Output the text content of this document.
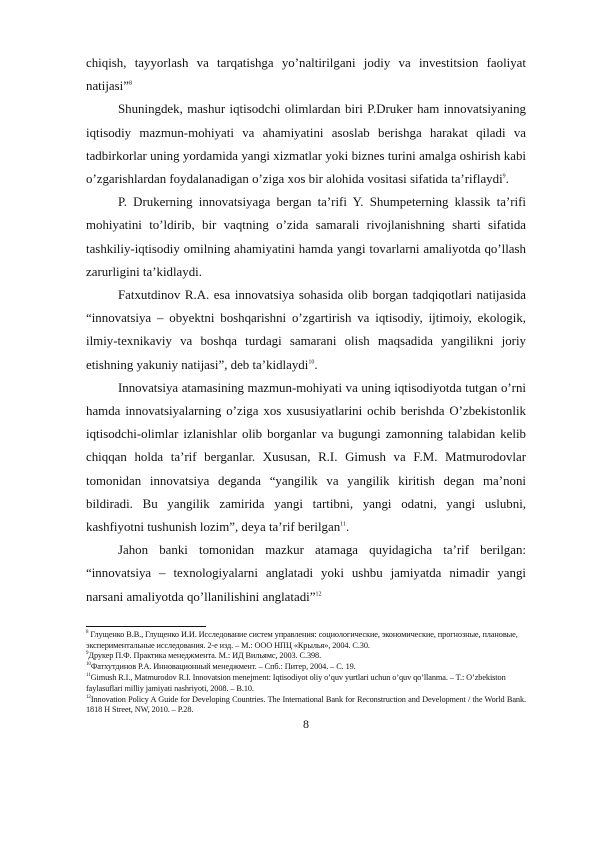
chiqish, tayyorlash va tarqatishga yo’naltirilgani jodiy va investitsion faoliyat natijasi”$^8$

Shuningdek, mashur iqtisodchi olimlardan biri P.Druker ham innovatsiyaning iqtisodiy mazmun-mohiyati va ahamiyatini asoslab berishga harakat qiladi va tadbirkorlar uning yordamida yangi xizmatlar yoki biznes turini amalga oshirish kabi o’zgarishlardan foydalanadigan o’ziga xos bir alohida vositasi sifatida ta’riflaydi$^9$.

P. Drukerning innovatsiyaga bergan ta’rifi Y. Shumpeterning klassik ta’rifi mohiyatini to’ldirib, bir vaqtning o’zida samarali rivojlanishning sharti sifatida tashkiliy-iqtisodiy omilning ahamiyatini hamda yangi tovarlarni amaliyotda qo’llash zarurligini ta’kidlaydi.

Fatxutdinov R.A. esa innovatsiya sohasida olib borgan tadqiqotlari natijasida “innovatsiya – obyektni boshqarishni o’zgartirish va iqtisodiy, ijtimoiy, ekologik, ilmiy-texnikaviy va boshqa turdagi samarani olish maqsadida yangilikni joriy etishning yakuniy natijasi”, deb ta’kidlaydi$^{10}$.

Innovatsiya atamasining mazmun-mohiyati va uning iqtisodiyotda tutgan o’rni hamda innovatsiyalarning o’ziga xos xususiyatlarini ochib berishda O’zbekistonlik iqtisodchi-olimlar izlanishlar olib borganlar va bugungi zamonning talabidan kelib chiqqan holda ta’rif berganlar. Xususan, R.I. Gimush va F.M. Matmurodovlar tomonidan innovatsiya deganda “yangilik va yangilik kiritish degan ma’noni bildiradi. Bu yangilik zamirida yangi tartibni, yangi odatni, yangi uslubni, kashfiyotni tushunish lozim”, deya ta’rif berilgan$^{11}$.

Jahon banki tomonidan mazkur atamaga quyidagicha ta’rif berilgan: “innovatsiya – texnologiyalarni anglatadi yoki ushbu jamiyatda nimadir yangi narsani amaliyotda qo’llanilishini anglatadi”$^{12}$

$^8$ Глущенко В.В., Глущенко И.И. Исследование систем управления: социологические, экономические, прогнозные, плановые, экспериментальные исследования. 2-е изд. – М.: ООО НПЦ «Крылья», 2004. С.30.

$^9$Друкер П.Ф. Практика менеджмента. М.: ИД Вильямс, 2003. С.398.

$^{10}$Фатхутдинов Р.А. Инновационный менеджмент. – Спб.: Питер, 2004. – С. 19.

$^{11}$Gimush R.I., Matmurodov R.I. Innovatsion menejment: Iqtisodiyot oliy o’quv yurtlari uchun o’quv qo’llanma. – T.: O’zbekiston faylasuflari milliy jamiyati nashriyoti, 2008. – B.10.

$^{12}$Innovation Policy A Guide for Developing Countries. The International Bank for Reconstruction and Development / the World Bank. 1818 H Street, NW, 2010. – P.28.

8
